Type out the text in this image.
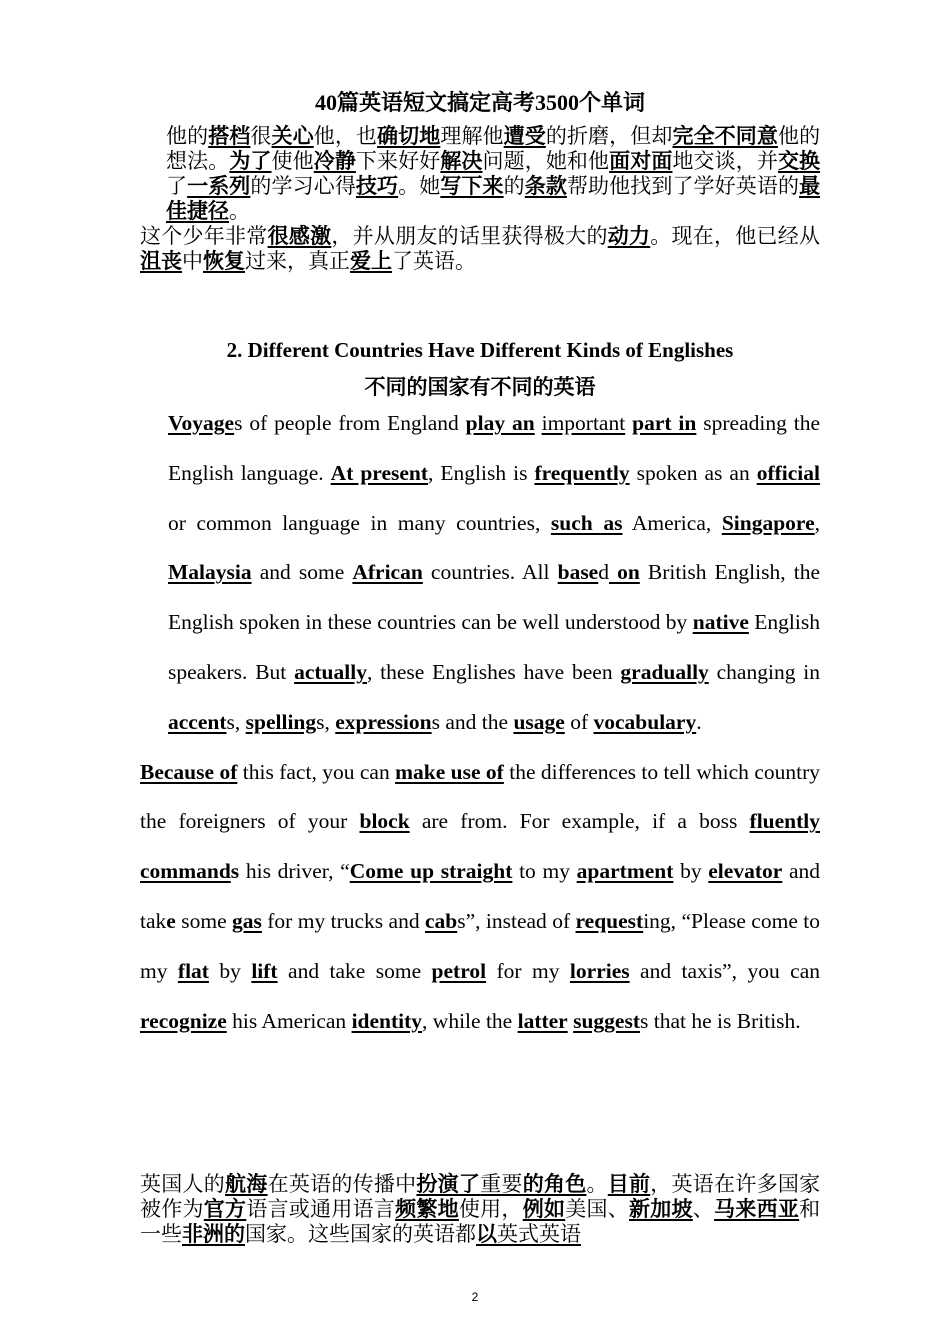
40篇英语短文搞定高考3500个单词
他的搭档很关心他，也确切地理解他遭受的折磨，但却完全不同意他的想法。为了使他冷静下来好好解决问题，她和他面对面地交谈，并交换了一系列的学习心得技巧。她写下来的条款帮助他找到了学好英语的最佳捷径。
这个少年非常很感激，并从朋友的话里获得极大的动力。现在，他已经从沮丧中恢复过来，真正爱上了英语。
2. Different Countries Have Different Kinds of Englishes
不同的国家有不同的英语
Voyages of people from England play an important part in spreading the English language. At present, English is frequently spoken as an official or common language in many countries, such as America, Singapore, Malaysia and some African countries. All based on British English, the English spoken in these countries can be well understood by native English speakers. But actually, these Englishes have been gradually changing in accents, spellings, expressions and the usage of vocabulary.
Because of this fact, you can make use of the differences to tell which country the foreigners of your block are from. For example, if a boss fluently commands his driver, “Come up straight to my apartment by elevator and take some gas for my trucks and cabs”, instead of requesting, “Please come to my flat by lift and take some petrol for my lorries and taxis”, you can recognize his American identity, while the latter suggests that he is British.
英国人的航海在英语的传播中扮演了重要的角色。目前，英语在许多国家被作为官方语言或通用语言频繁地使用，例如美国、新加坡、马来西亚和一些非洲的国家。这些国家的英语都以英式英语
2
